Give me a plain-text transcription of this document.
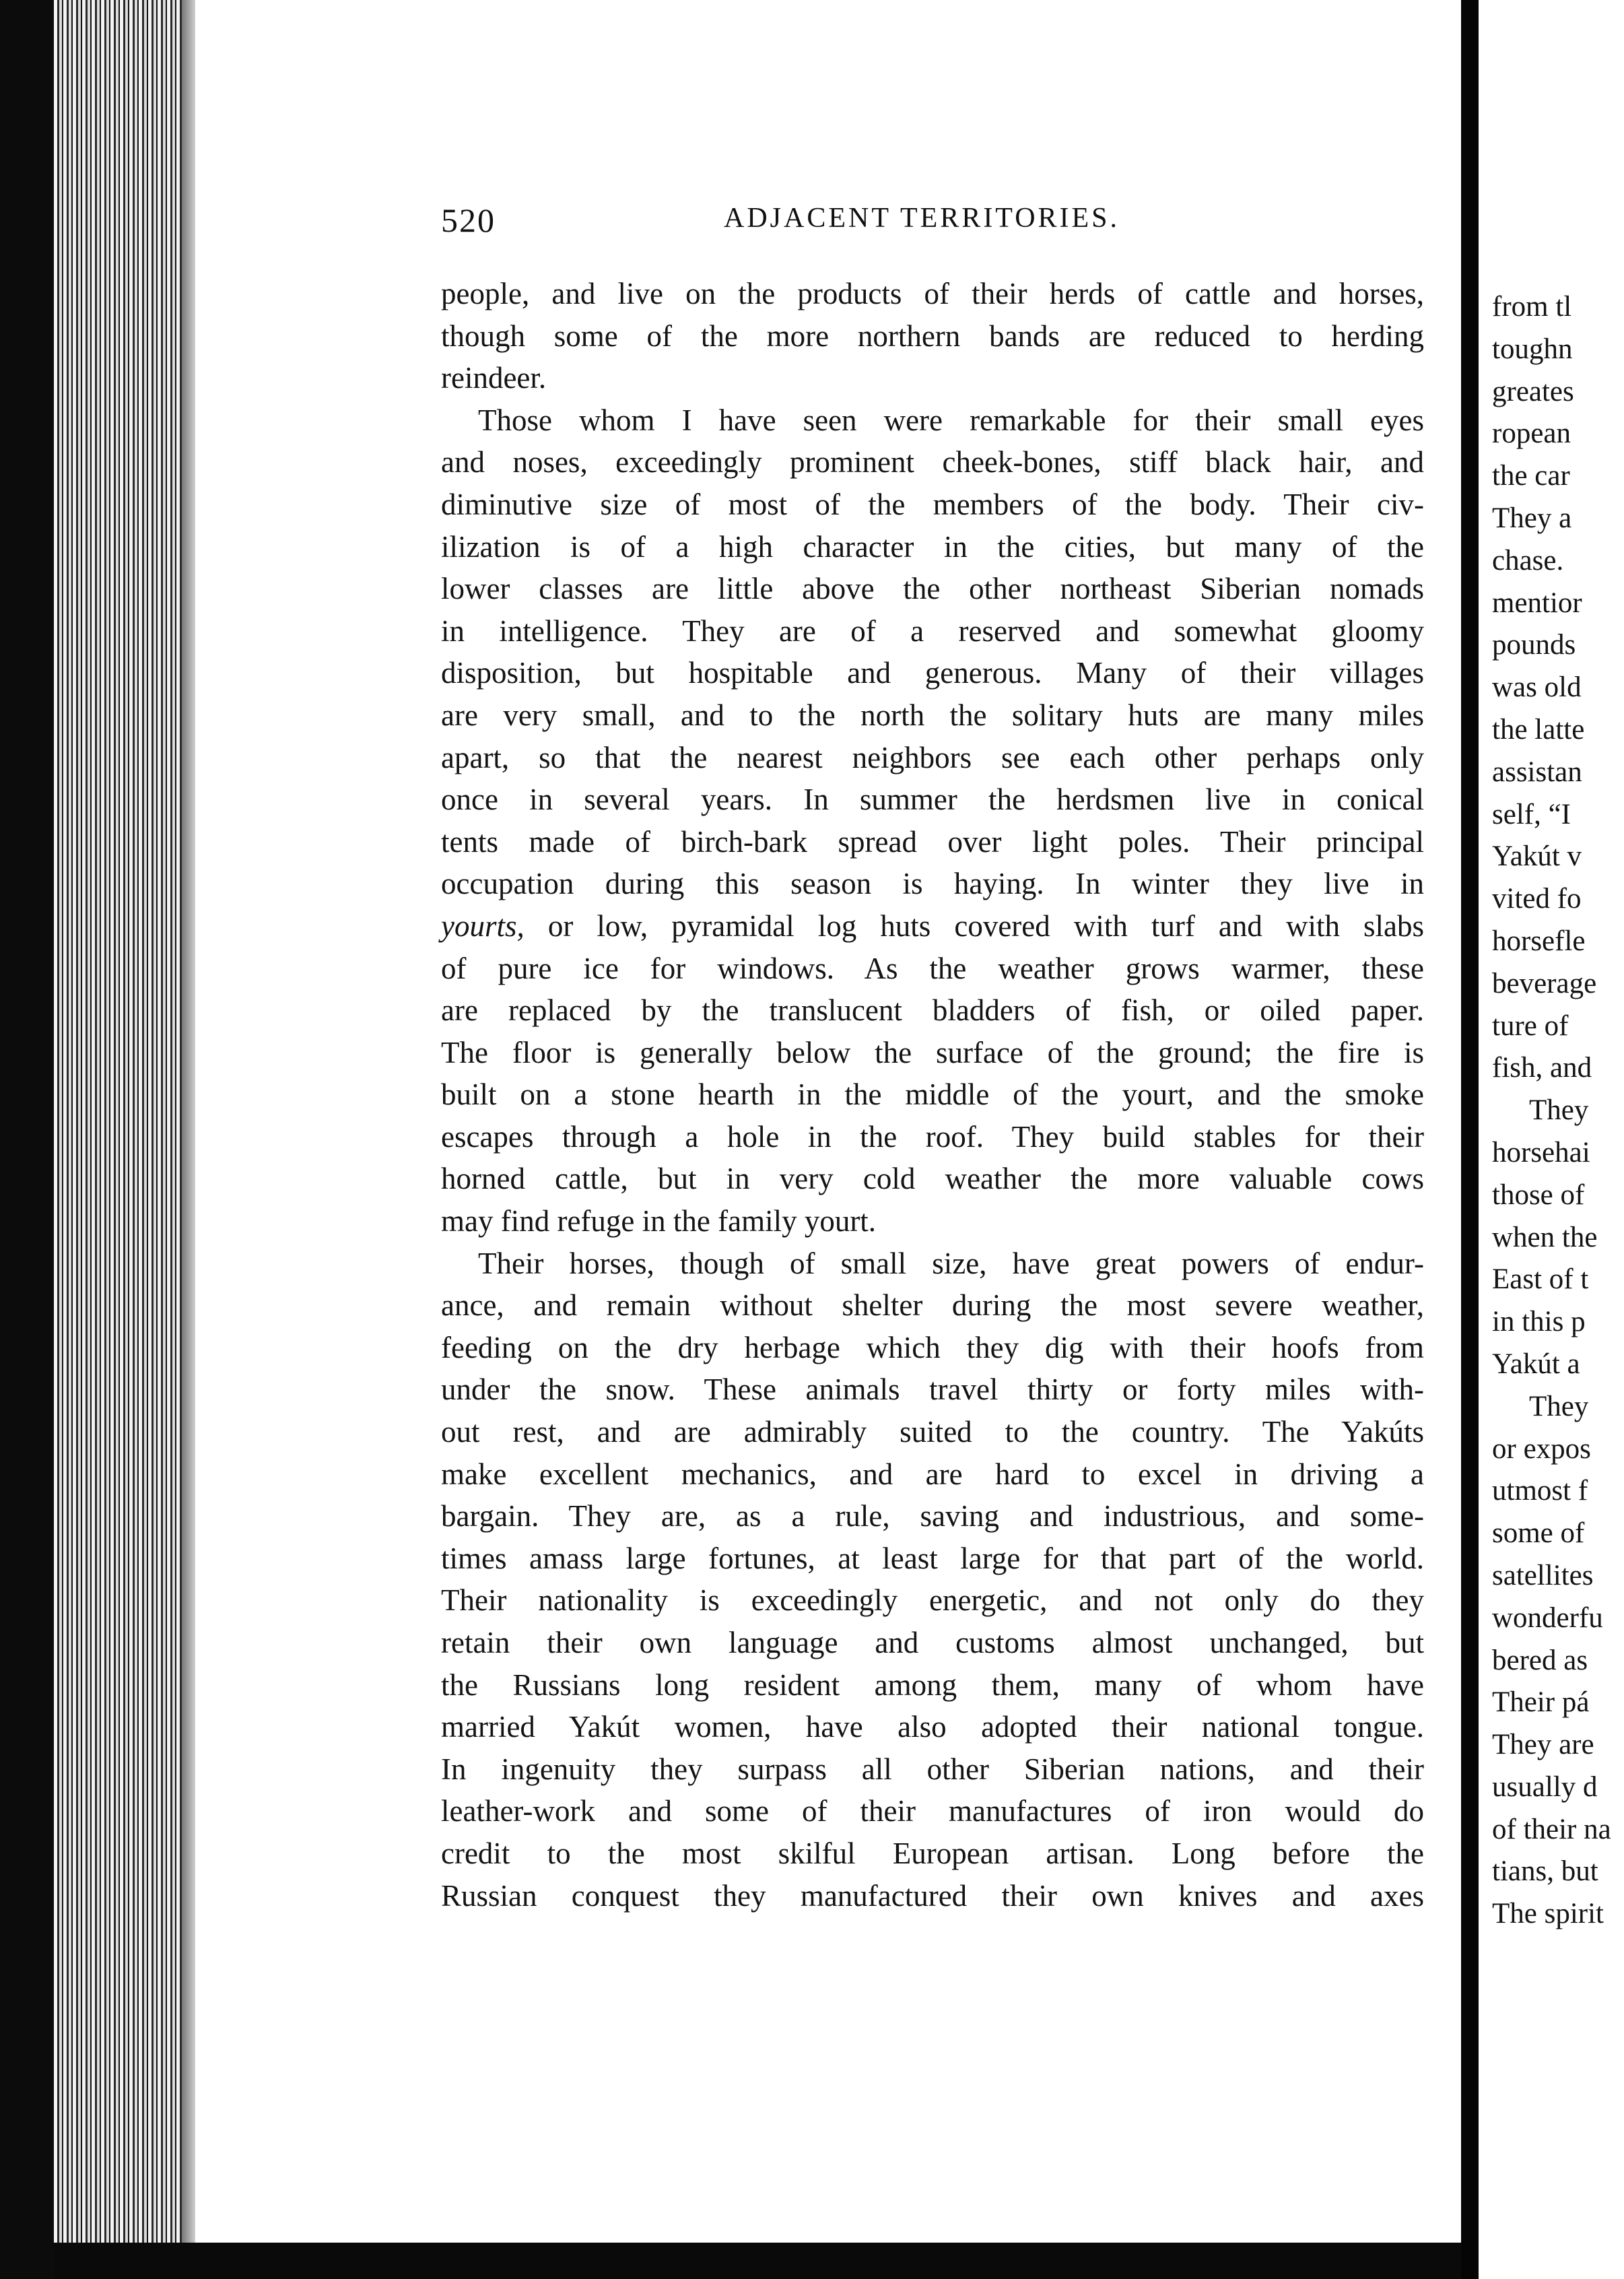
520	ADJACENT TERRITORIES.
people, and live on the products of their herds of cattle and horses,
though some of the more northern bands are reduced to herding
reindeer.
Those whom I have seen were remarkable for their small eyes
and noses, exceedingly prominent cheek-bones, stiff black hair, and
diminutive size of most of the members of the body. Their civ-
ilization is of a high character in the cities, but many of the
lower classes are little above the other northeast Siberian nomads
in intelligence. They are of a reserved and somewhat gloomy
disposition, but hospitable and generous. Many of their villages
are very small, and to the north the solitary huts are many miles
apart, so that the nearest neighbors see each other perhaps only
once in several years. In summer the herdsmen live in conical
tents made of birch-bark spread over light poles. Their principal
occupation during this season is haying. In winter they live in
yourts, or low, pyramidal log huts covered with turf and with slabs
of pure ice for windows. As the weather grows warmer, these
are replaced by the translucent bladders of fish, or oiled paper.
The floor is generally below the surface of the ground; the fire is
built on a stone hearth in the middle of the yourt, and the smoke
escapes through a hole in the roof. They build stables for their
horned cattle, but in very cold weather the more valuable cows
may find refuge in the family yourt.
Their horses, though of small size, have great powers of endur-
ance, and remain without shelter during the most severe weather,
feeding on the dry herbage which they dig with their hoofs from
under the snow. These animals travel thirty or forty miles with-
out rest, and are admirably suited to the country. The Yakúts
make excellent mechanics, and are hard to excel in driving a
bargain. They are, as a rule, saving and industrious, and some-
times amass large fortunes, at least large for that part of the world.
Their nationality is exceedingly energetic, and not only do they
retain their own language and customs almost unchanged, but
the Russians long resident among them, many of whom have
married Yakút women, have also adopted their national tongue.
In ingenuity they surpass all other Siberian nations, and their
leather-work and some of their manufactures of iron would do
credit to the most skilful European artisan. Long before the
Russian conquest they manufactured their own knives and axes
from tl
toughn
greates
ropean
the car
They a
chase.
mentior
pounds
was old
the latte
assistan
self, “I
Yakút v
vited fo
horsefle
beverage
ture of
fish, and
They
horsehai
those of
when the
East of t
in this p
Yakút a
They
or expos
utmost f
some of
satellites
wonderfu
bered as
Their pá
They are
usually d
of their na
tians, but
The spirit
